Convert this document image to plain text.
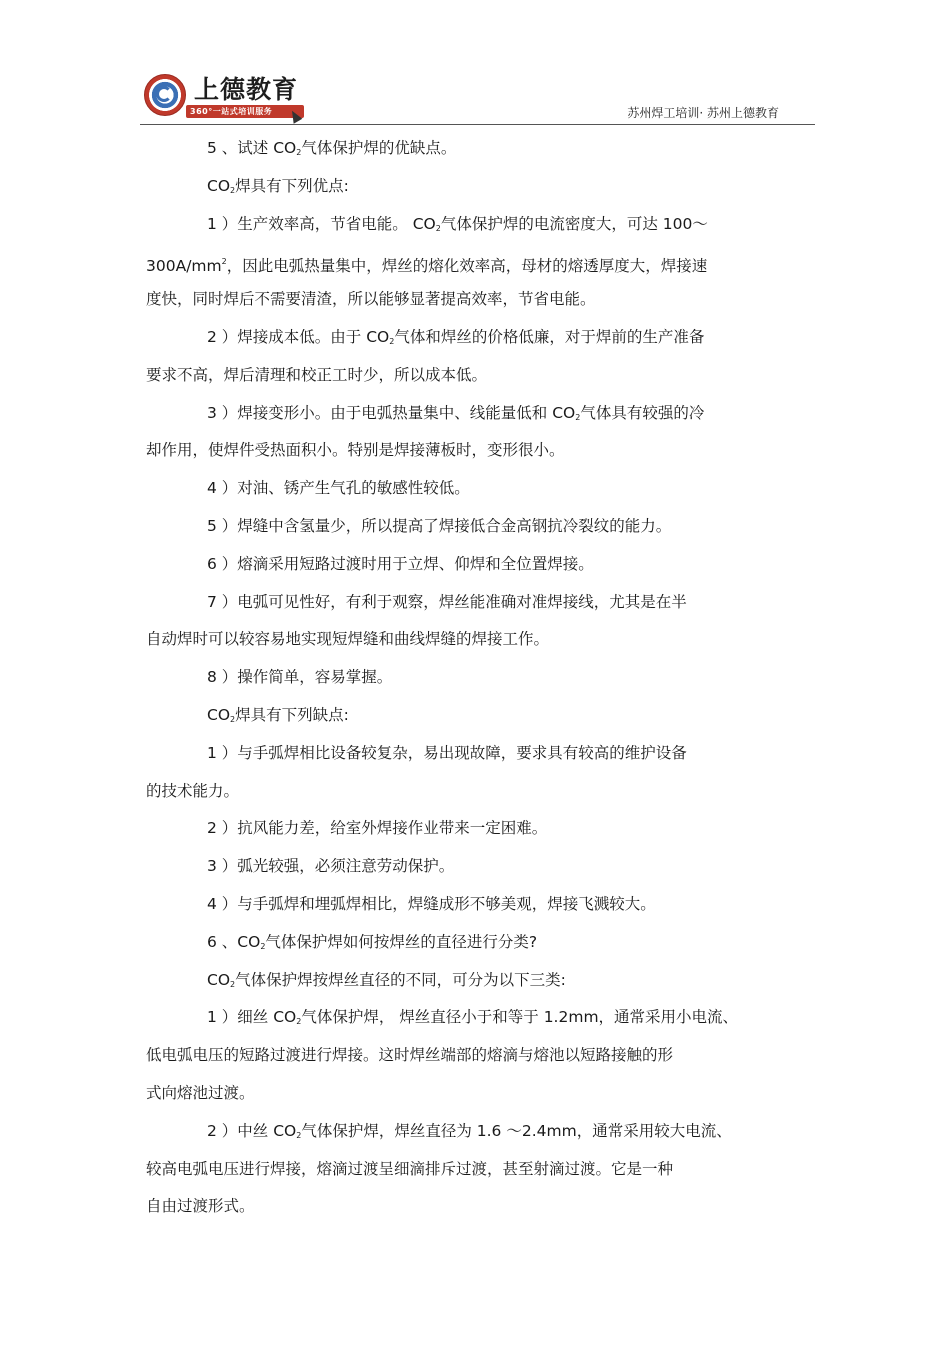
上德教育
360°一站式培训服务	苏州焊工培训· 苏州上德教育
5 、试述 $CO_2$气体保护焊的优缺点。
$CO_2$焊具有下列优点:
1 ）生产效率高，节省电能。 $CO_2$气体保护焊的电流密度大，可达 100～
$300A/mm^2$，因此电弧热量集中，焊丝的熔化效率高，母材的熔透厚度大，焊接速
度快，同时焊后不需要清渣，所以能够显著提高效率，节省电能。
2 ）焊接成本低。由于 $CO_2$气体和焊丝的价格低廉，对于焊前的生产准备
要求不高，焊后清理和校正工时少，所以成本低。
3 ）焊接变形小。由于电弧热量集中、线能量低和 $CO_2$气体具有较强的冷
却作用，使焊件受热面积小。特别是焊接薄板时，变形很小。
4 ）对油、锈产生气孔的敏感性较低。
5 ）焊缝中含氢量少，所以提高了焊接低合金高钢抗冷裂纹的能力。
6 ）熔滴采用短路过渡时用于立焊、仰焊和全位置焊接。
7 ）电弧可见性好，有利于观察，焊丝能准确对准焊接线，尤其是在半
自动焊时可以较容易地实现短焊缝和曲线焊缝的焊接工作。
8 ）操作简单，容易掌握。
$CO_2$焊具有下列缺点:
1 ）与手弧焊相比设备较复杂，易出现故障，要求具有较高的维护设备
的技术能力。
2 ）抗风能力差，给室外焊接作业带来一定困难。
3 ）弧光较强，必须注意劳动保护。
4 ）与手弧焊和埋弧焊相比，焊缝成形不够美观，焊接飞溅较大。
6 、$CO_2$气体保护焊如何按焊丝的直径进行分类?
$CO_2$气体保护焊按焊丝直径的不同，可分为以下三类:
1 ）细丝 $CO_2$气体保护焊， 焊丝直径小于和等于 1.2mm，通常采用小电流、
低电弧电压的短路过渡进行焊接。这时焊丝端部的熔滴与熔池以短路接触的形
式向熔池过渡。
2 ）中丝 $CO_2$气体保护焊，焊丝直径为 1.6 ～2.4mm，通常采用较大电流、
较高电弧电压进行焊接，熔滴过渡呈细滴排斥过渡，甚至射滴过渡。它是一种
自由过渡形式。
